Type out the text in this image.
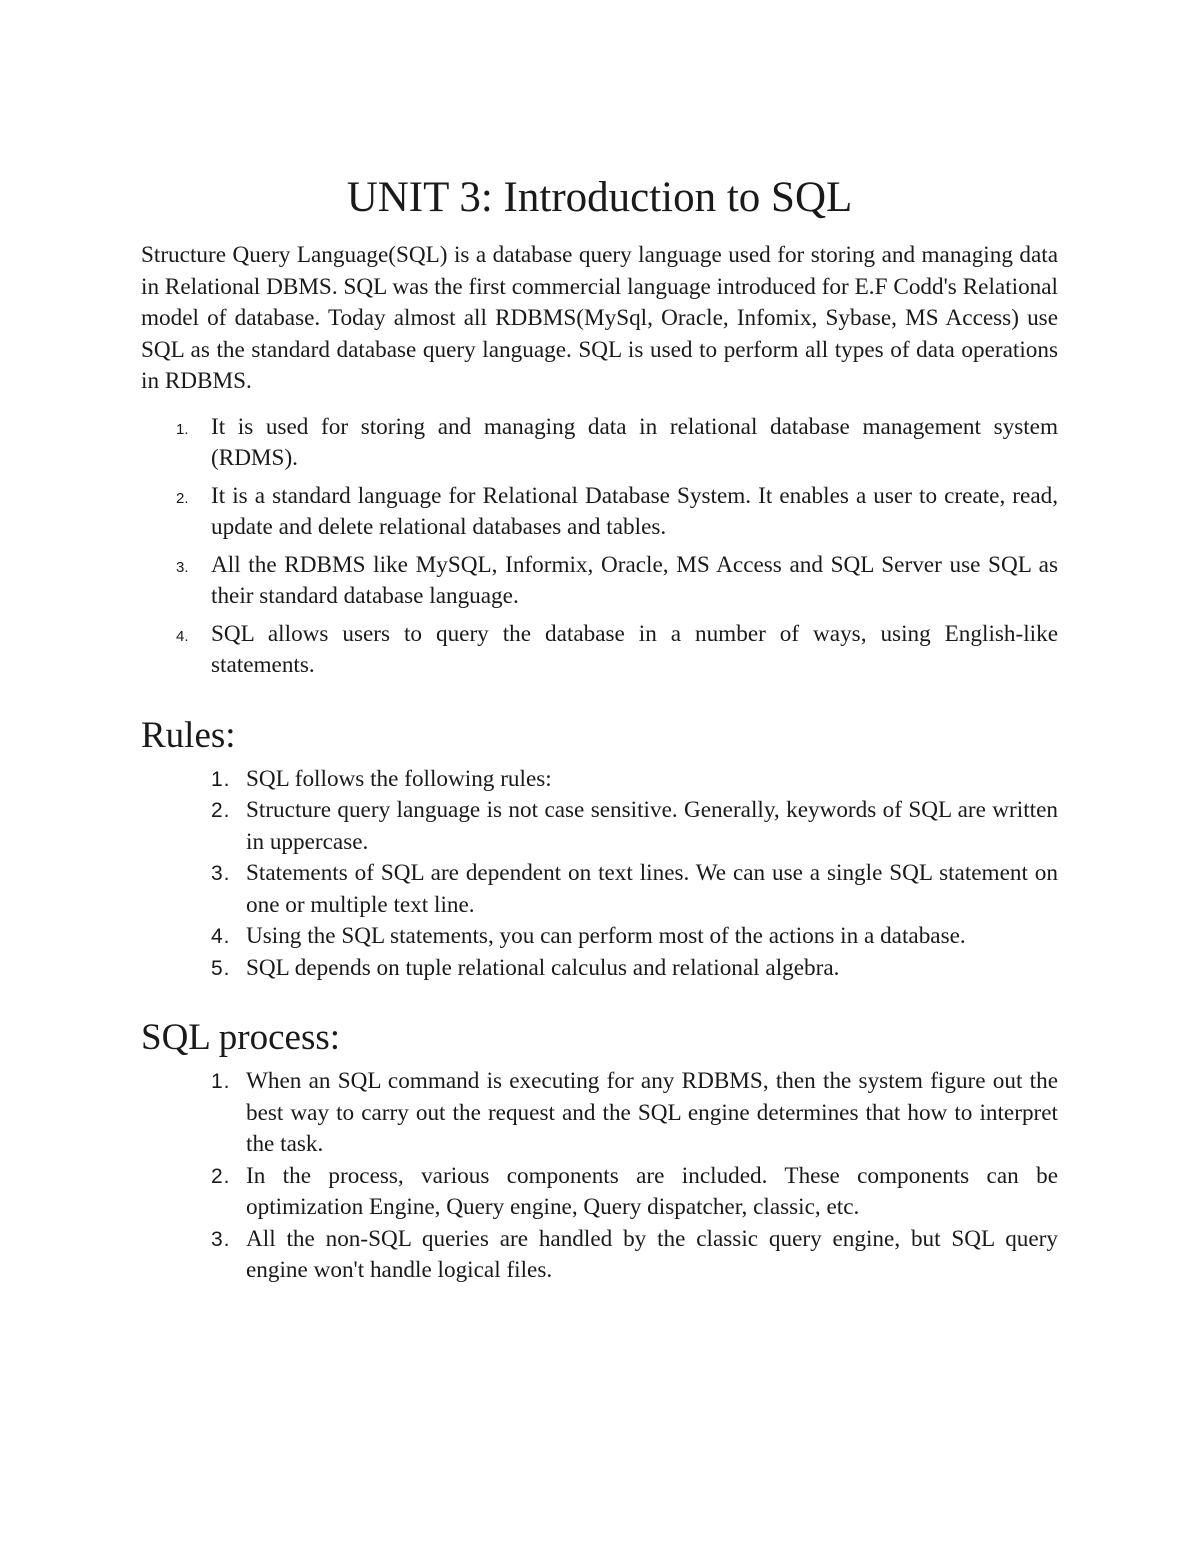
UNIT 3: Introduction to SQL

Structure Query Language(SQL) is a database query language used for storing and managing data in Relational DBMS. SQL was the first commercial language introduced for E.F Codd's Relational model of database. Today almost all RDBMS(MySql, Oracle, Infomix, Sybase, MS Access) use SQL as the standard database query language. SQL is used to perform all types of data operations in RDBMS.

1. It is used for storing and managing data in relational database management system (RDMS).
2. It is a standard language for Relational Database System. It enables a user to create, read, update and delete relational databases and tables.
3. All the RDBMS like MySQL, Informix, Oracle, MS Access and SQL Server use SQL as their standard database language.
4. SQL allows users to query the database in a number of ways, using English-like statements.
Rules:
1. SQL follows the following rules:
2. Structure query language is not case sensitive. Generally, keywords of SQL are written in uppercase.
3. Statements of SQL are dependent on text lines. We can use a single SQL statement on one or multiple text line.
4. Using the SQL statements, you can perform most of the actions in a database.
5. SQL depends on tuple relational calculus and relational algebra.
SQL process:
1. When an SQL command is executing for any RDBMS, then the system figure out the best way to carry out the request and the SQL engine determines that how to interpret the task.
2. In the process, various components are included. These components can be optimization Engine, Query engine, Query dispatcher, classic, etc.
3. All the non-SQL queries are handled by the classic query engine, but SQL query engine won't handle logical files.
